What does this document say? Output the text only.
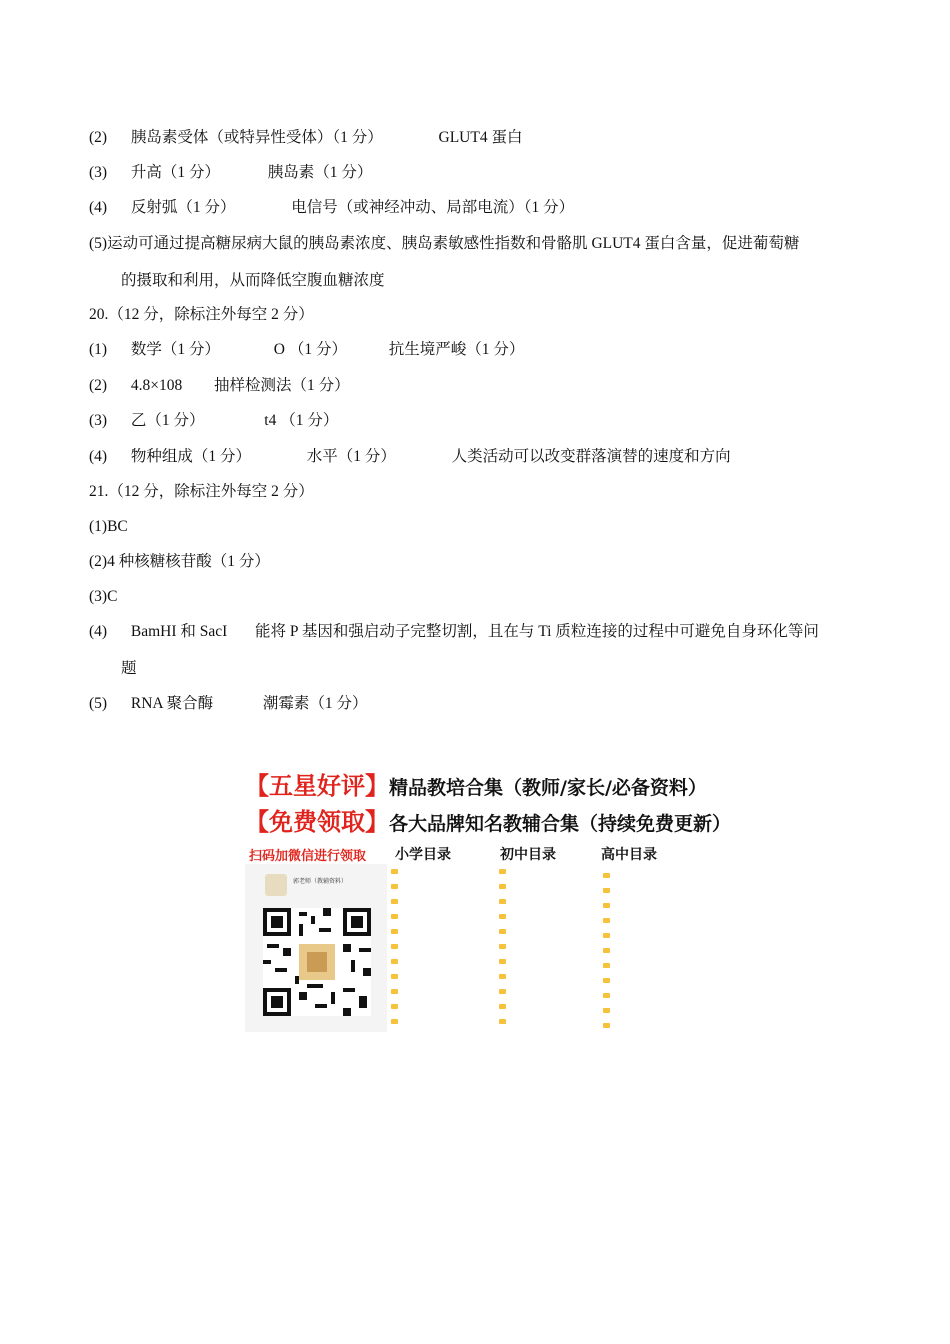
(2) 胰岛素受体（或特异性受体）（1 分）	GLUT4 蛋白
(3) 升高（1 分）	胰岛素（1 分）
(4) 反射弧（1 分）	电信号（或神经冲动、局部电流）（1 分）
(5)运动可通过提高糖尿病大鼠的胰岛素浓度、胰岛素敏感性指数和骨骼肌 GLUT4 蛋白含量，促进葡萄糖
的摄取和利用，从而降低空腹血糖浓度
20.（12 分，除标注外每空 2 分）
(1) 数学（1 分）	O （1 分）	抗生境严峻（1 分）
(2) 4.8×108 抽样检测法（1 分）
(3) 乙（1 分）	t4 （1 分）
(4) 物种组成（1 分）	水平（1 分）	人类活动可以改变群落演替的速度和方向
21.（12 分，除标注外每空 2 分）
(1)BC
(2)4 种核糖核苷酸（1 分）
(3)C
(4) BamHI 和 SacI 能将 P 基因和强启动子完整切割，且在与 Ti 质粒连接的过程中可避免自身环化等问
题
(5) RNA 聚合酶	潮霉素（1 分）
【五星好评】精品教培合集（教师/家长/必备资料）
【免费领取】各大品牌知名教辅合集（持续免费更新）
扫码加微信进行领取
郭老师（教辅资料）
小学目录	初中目录	高中目录
